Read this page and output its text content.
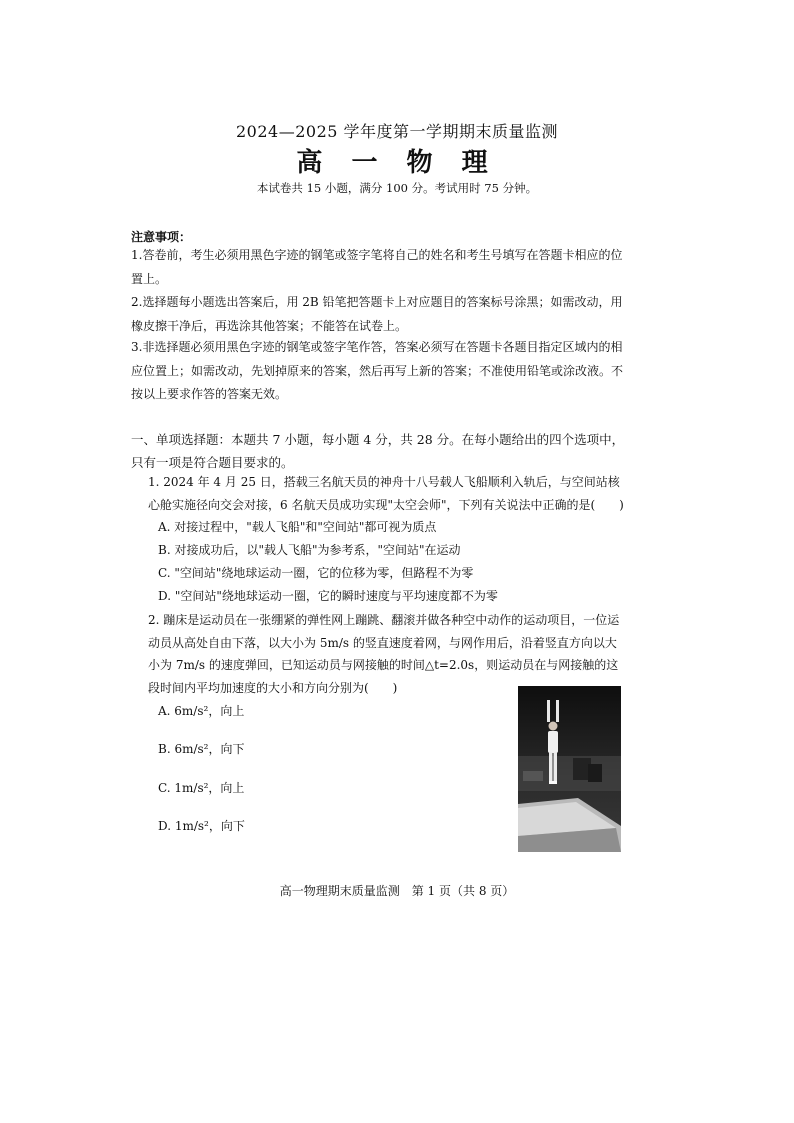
2024—2025 学年度第一学期期末质量监测
高 一 物 理
本试卷共 15 小题，满分 100 分。考试用时 75 分钟。
注意事项：
1.答卷前，考生必须用黑色字迹的钢笔或签字笔将自己的姓名和考生号填写在答题卡相应的位置上。
2.选择题每小题选出答案后，用 2B 铅笔把答题卡上对应题目的答案标号涂黑；如需改动，用橡皮擦干净后，再选涂其他答案；不能答在试卷上。
3.非选择题必须用黑色字迹的钢笔或签字笔作答，答案必须写在答题卡各题目指定区域内的相应位置上；如需改动，先划掉原来的答案，然后再写上新的答案；不准使用铅笔或涂改液。不按以上要求作答的答案无效。
一、单项选择题：本题共 7 小题，每小题 4 分，共 28 分。在每小题给出的四个选项中，只有一项是符合题目要求的。
1. 2024 年 4 月 25 日，搭载三名航天员的神舟十八号载人飞船顺利入轨后，与空间站核心舱实施径向交会对接，6 名航天员成功实现"太空会师"，下列有关说法中正确的是(　　)
A. 对接过程中，"载人飞船"和"空间站"都可视为质点
B. 对接成功后，以"载人飞船"为参考系，"空间站"在运动
C. "空间站"绕地球运动一圈，它的位移为零，但路程不为零
D. "空间站"绕地球运动一圈，它的瞬时速度与平均速度都不为零
2. 蹦床是运动员在一张绷紧的弹性网上蹦跳、翻滚并做各种空中动作的运动项目，一位运动员从高处自由下落，以大小为 5m/s 的竖直速度着网，与网作用后，沿着竖直方向以大小为 7m/s 的速度弹回，已知运动员与网接触的时间△t=2.0s，则运动员在与网接触的这段时间内平均加速度的大小和方向分别为(　　)
A. 6m/s²，向上
B. 6m/s²，向下
C. 1m/s²，向上
D. 1m/s²，向下
高一物理期末质量监测　第 1 页（共 8 页）
